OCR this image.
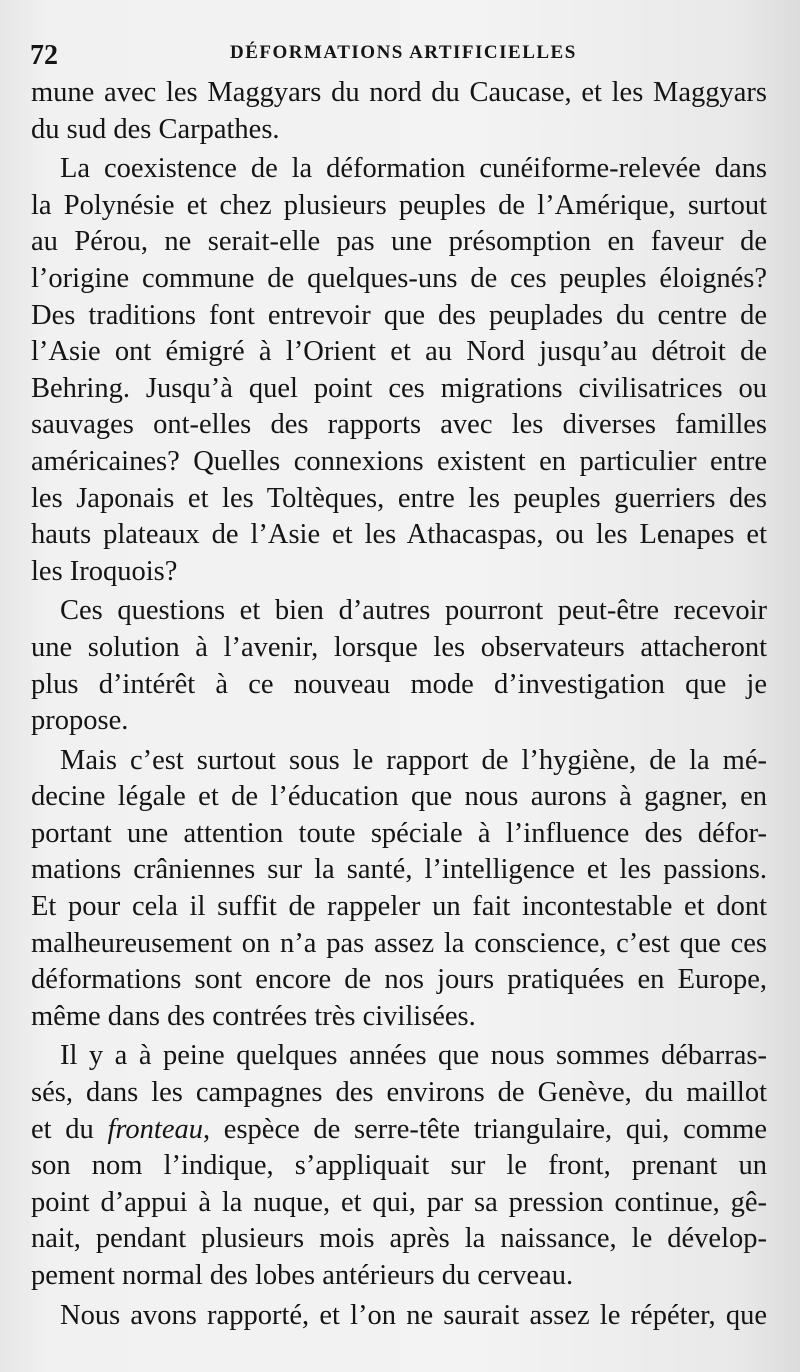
72	DÉFORMATIONS ARTIFICIELLES
mune avec les Maggyars du nord du Caucase, et les Maggyars
du sud des Carpathes.
La coexistence de la déformation cunéiforme-relevée dans
la Polynésie et chez plusieurs peuples de l’Amérique, surtout
au Pérou, ne serait-elle pas une présomption en faveur de
l’origine commune de quelques-uns de ces peuples éloignés?
Des traditions font entrevoir que des peuplades du centre de
l’Asie ont émigré à l’Orient et au Nord jusqu’au détroit de
Behring. Jusqu’à quel point ces migrations civilisatrices ou
sauvages ont-elles des rapports avec les diverses familles
américaines? Quelles connexions existent en particulier entre
les Japonais et les Toltèques, entre les peuples guerriers des
hauts plateaux de l’Asie et les Athacaspas, ou les Lenapes et
les Iroquois?
Ces questions et bien d’autres pourront peut-être recevoir
une solution à l’avenir, lorsque les observateurs attacheront
plus d’intérêt à ce nouveau mode d’investigation que je
propose.
Mais c’est surtout sous le rapport de l’hygiène, de la mé-
decine légale et de l’éducation que nous aurons à gagner, en
portant une attention toute spéciale à l’influence des défor-
mations crâniennes sur la santé, l’intelligence et les passions.
Et pour cela il suffit de rappeler un fait incontestable et dont
malheureusement on n’a pas assez la conscience, c’est que ces
déformations sont encore de nos jours pratiquées en Europe,
même dans des contrées très civilisées.
Il y a à peine quelques années que nous sommes débarras-
sés, dans les campagnes des environs de Genève, du maillot
et du fronteau, espèce de serre-tête triangulaire, qui, comme
son nom l’indique, s’appliquait sur le front, prenant un
point d’appui à la nuque, et qui, par sa pression continue, gê-
nait, pendant plusieurs mois après la naissance, le dévelop-
pement normal des lobes antérieurs du cerveau.
Nous avons rapporté, et l’on ne saurait assez le répéter, que
